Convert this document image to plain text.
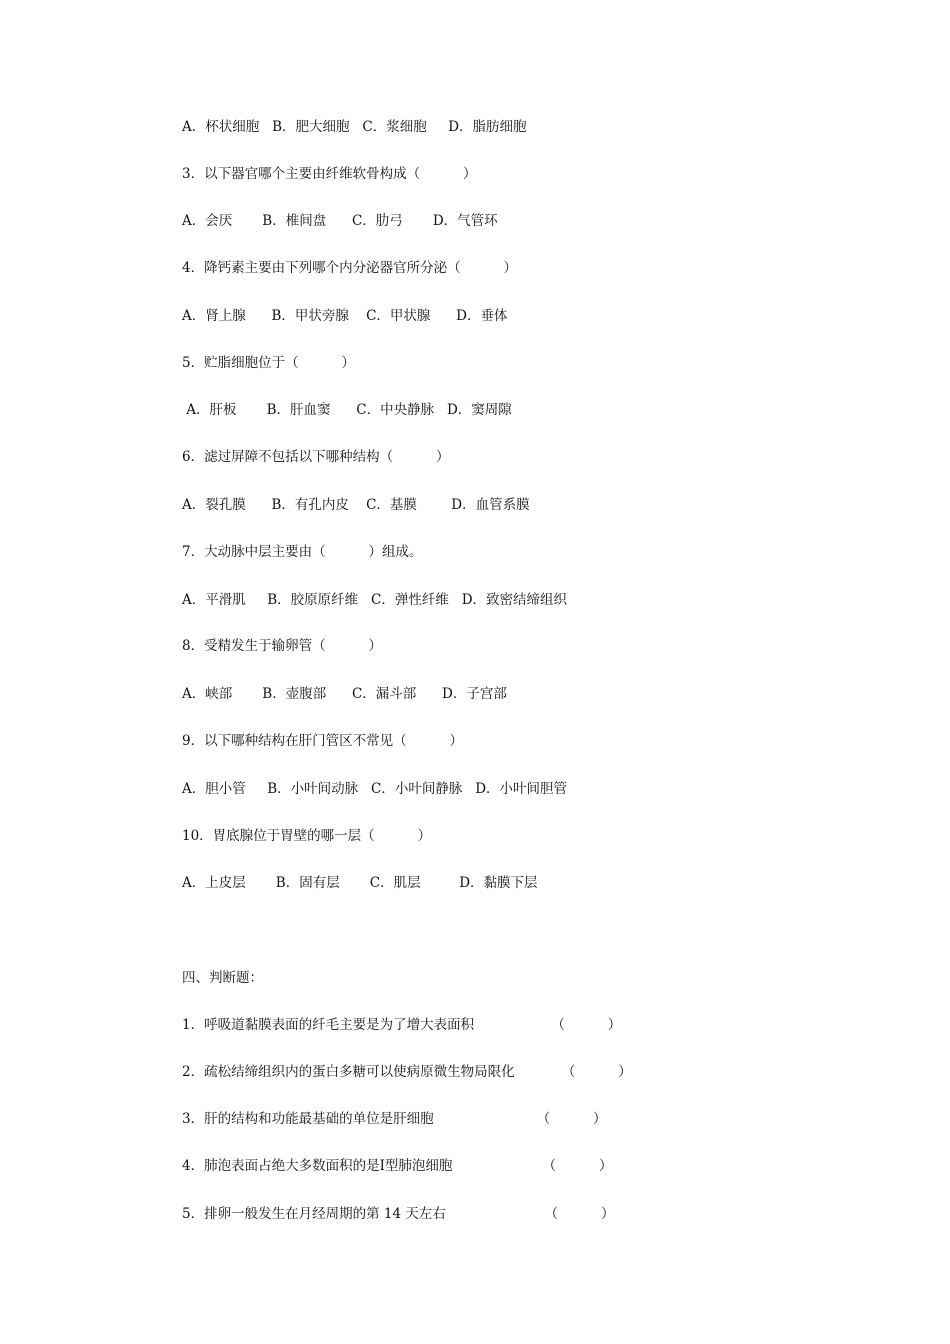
A．杯状细胞   B．肥大细胞   C．浆细胞     D．脂肪细胞
3．以下器官哪个主要由纤维软骨构成（          ）
A．会厌       B．椎间盘      C．肋弓       D．气管环
4．降钙素主要由下列哪个内分泌器官所分泌（          ）
A．肾上腺      B．甲状旁腺    C．甲状腺      D．垂体
5．贮脂细胞位于（          ）
A．肝板       B．肝血窦      C．中央静脉   D．窦周隙
6．滤过屏障不包括以下哪种结构（          ）
A．裂孔膜      B．有孔内皮    C．基膜        D．血管系膜
7．大动脉中层主要由（          ）组成。
A．平滑肌     B．胶原原纤维   C．弹性纤维   D．致密结缔组织
8．受精发生于输卵管（          ）
A．峡部       B．壶腹部      C．漏斗部      D．子宫部
9．以下哪种结构在肝门管区不常见（          ）
A．胆小管     B．小叶间动脉   C．小叶间静脉   D．小叶间胆管
10．胃底腺位于胃壁的哪一层（          ）
A．上皮层       B．固有层       C．肌层         D．黏膜下层
四、判断题：
1．呼吸道黏膜表面的纤毛主要是为了增大表面积                  （          ）
2．疏松结缔组织内的蛋白多糖可以使病原微生物局限化           （          ）
3．肝的结构和功能最基础的单位是肝细胞                        （          ）
4．肺泡表面占绝大多数面积的是Ⅰ型肺泡细胞                     （          ）
5．排卵一般发生在月经周期的第 14 天左右                       （          ）
